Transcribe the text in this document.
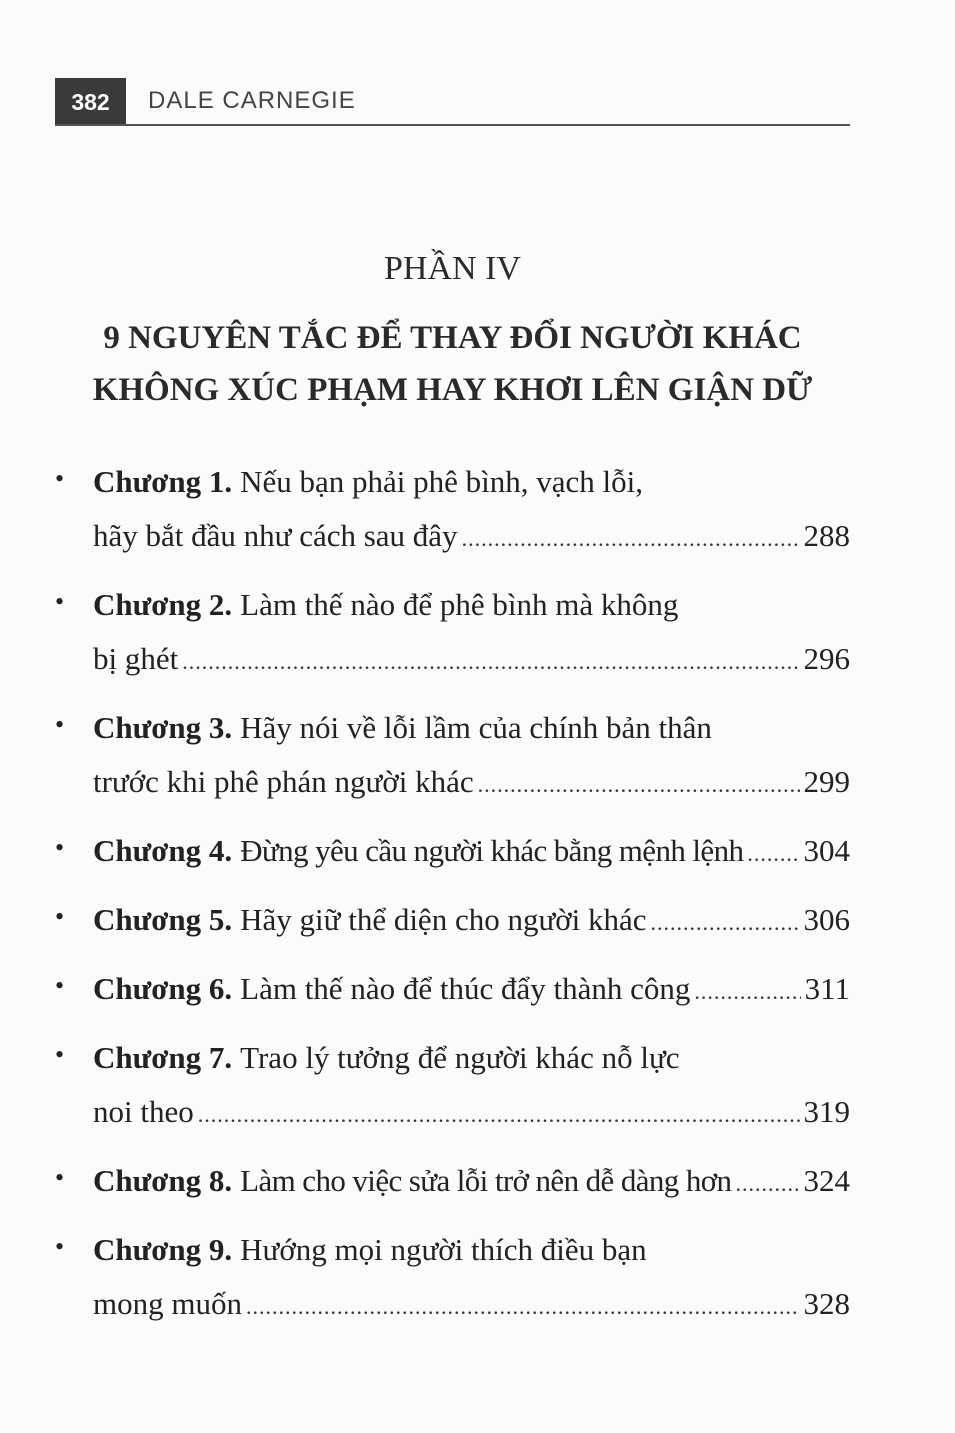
382	DALE CARNEGIE
PHẦN IV
9 NGUYÊN TẮC ĐỂ THAY ĐỔI NGƯỜI KHÁC
KHÔNG XÚC PHẠM HAY KHƠI LÊN GIẬN DỮ
• Chương 1. Nếu bạn phải phê bình, vạch lỗi,
hãy bắt đầu như cách sau đây .....	288
• Chương 2. Làm thế nào để phê bình mà không
bị ghét .....	296
• Chương 3. Hãy nói về lỗi lầm của chính bản thân
trước khi phê phán người khác .....	299
• Chương 4. Đừng yêu cầu người khác bằng mệnh lệnh ..... 304
• Chương 5. Hãy giữ thể diện cho người khác .....	306
• Chương 6. Làm thế nào để thúc đẩy thành công .....	311
• Chương 7. Trao lý tưởng để người khác nỗ lực
noi theo .....	319
• Chương 8. Làm cho việc sửa lỗi trở nên dễ dàng hơn ..... 324
• Chương 9. Hướng mọi người thích điều bạn
mong muốn .....	328
